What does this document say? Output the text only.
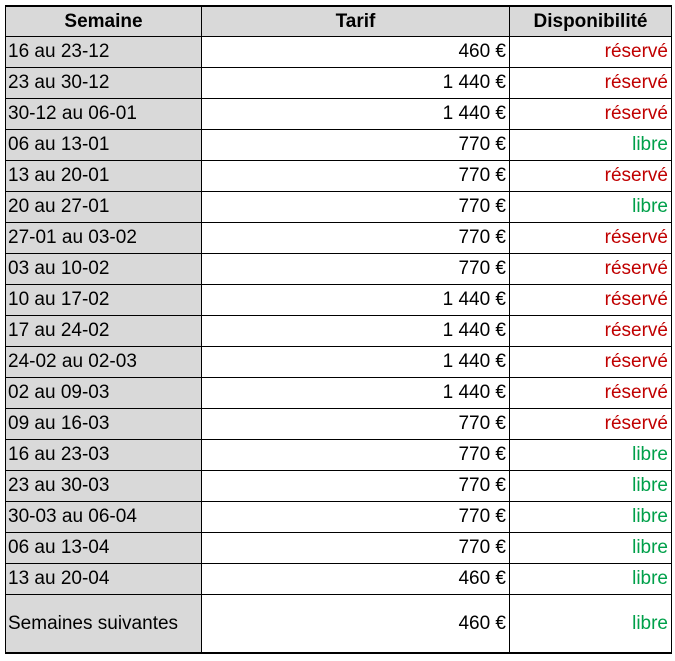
Semaine	Tarif	Disponibilité
16 au 23-12	460 €	réservé
23 au 30-12	1 440 €	réservé
30-12 au 06-01	1 440 €	réservé
06 au 13-01	770 €	libre
13 au 20-01	770 €	réservé
20 au 27-01	770 €	libre
27-01 au 03-02	770 €	réservé
03 au 10-02	770 €	réservé
10 au 17-02	1 440 €	réservé
17 au 24-02	1 440 €	réservé
24-02 au 02-03	1 440 €	réservé
02 au 09-03	1 440 €	réservé
09 au 16-03	770 €	réservé
16 au 23-03	770 €	libre
23 au 30-03	770 €	libre
30-03 au 06-04	770 €	libre
06 au 13-04	770 €	libre
13 au 20-04	460 €	libre
Semaines suivantes	460 €	libre
